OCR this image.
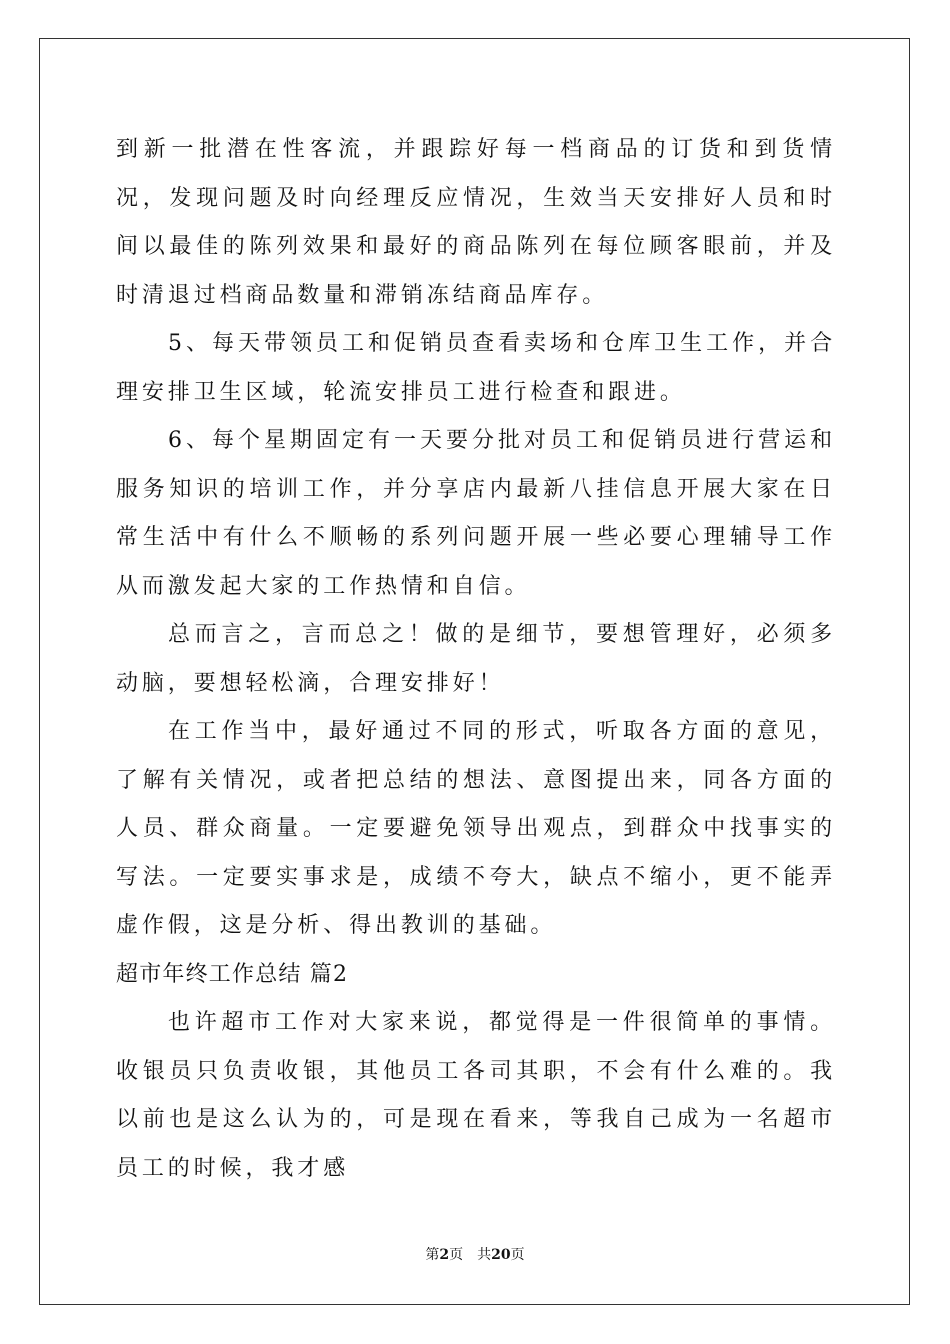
到新一批潜在性客流，并跟踪好每一档商品的订货和到货情况，发现问题及时向经理反应情况，生效当天安排好人员和时间以最佳的陈列效果和最好的商品陈列在每位顾客眼前，并及时清退过档商品数量和滞销冻结商品库存。

5、每天带领员工和促销员查看卖场和仓库卫生工作，并合理安排卫生区域，轮流安排员工进行检查和跟进。

6、每个星期固定有一天要分批对员工和促销员进行营运和服务知识的培训工作，并分享店内最新八挂信息开展大家在日常生活中有什么不顺畅的系列问题开展一些必要心理辅导工作从而激发起大家的工作热情和自信。

总而言之，言而总之！做的是细节，要想管理好，必须多动脑，要想轻松滴，合理安排好！

在工作当中，最好通过不同的形式，听取各方面的意见，了解有关情况，或者把总结的想法、意图提出来，同各方面的人员、群众商量。一定要避免领导出观点，到群众中找事实的写法。一定要实事求是，成绩不夸大，缺点不缩小，更不能弄虚作假，这是分析、得出教训的基础。

超市年终工作总结 篇2

也许超市工作对大家来说，都觉得是一件很简单的事情。收银员只负责收银，其他员工各司其职，不会有什么难的。我以前也是这么认为的，可是现在看来，等我自己成为一名超市员工的时候，我才感

第2页 共20页
